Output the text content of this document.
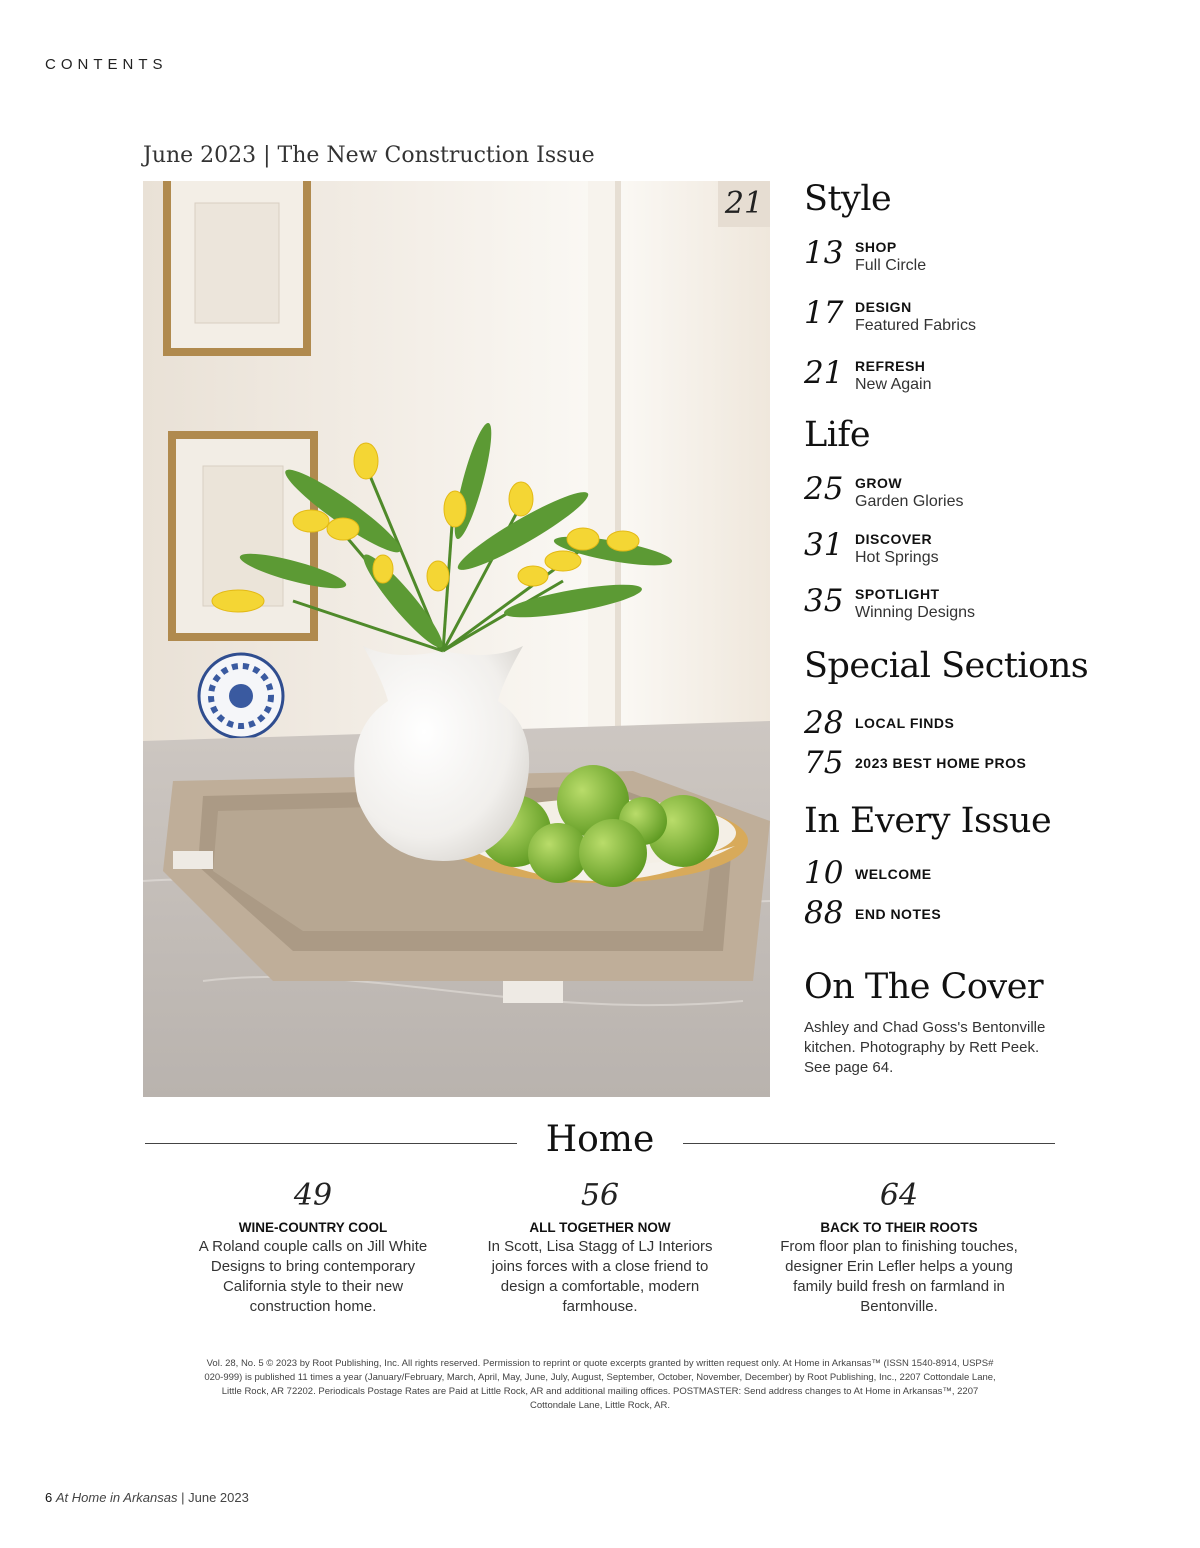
CONTENTS
June 2023 | The New Construction Issue
21 Style
13 SHOP
Full Circle
17 DESIGN
Featured Fabrics
21 REFRESH
New Again
Life
25 GROW
Garden Glories
31 DISCOVER
Hot Springs
35 SPOTLIGHT
Winning Designs
Special Sections
28 LOCAL FINDS
75 2023 BEST HOME PROS
In Every Issue
10 WELCOME
88 END NOTES
On The Cover
Ashley and Chad Goss's Bentonville kitchen. Photography by Rett Peek. See page 64.
Home
49
WINE-COUNTRY COOL
A Roland couple calls on Jill White Designs to bring contemporary California style to their new construction home.
56
ALL TOGETHER NOW
In Scott, Lisa Stagg of LJ Interiors joins forces with a close friend to design a comfortable, modern farmhouse.
64
BACK TO THEIR ROOTS
From floor plan to finishing touches, designer Erin Lefler helps a young family build fresh on farmland in Bentonville.
Vol. 28, No. 5 © 2023 by Root Publishing, Inc. All rights reserved. Permission to reprint or quote excerpts granted by written request only. At Home in Arkansas™ (ISSN 1540-8914, USPS# 020-999) is published 11 times a year (January/February, March, April, May, June, July, August, September, October, November, December) by Root Publishing, Inc., 2207 Cottondale Lane, Little Rock, AR 72202. Periodicals Postage Rates are Paid at Little Rock, AR and additional mailing offices. POSTMASTER: Send address changes to At Home in Arkansas™, 2207 Cottondale Lane, Little Rock, AR.
6 At Home in Arkansas | June 2023
